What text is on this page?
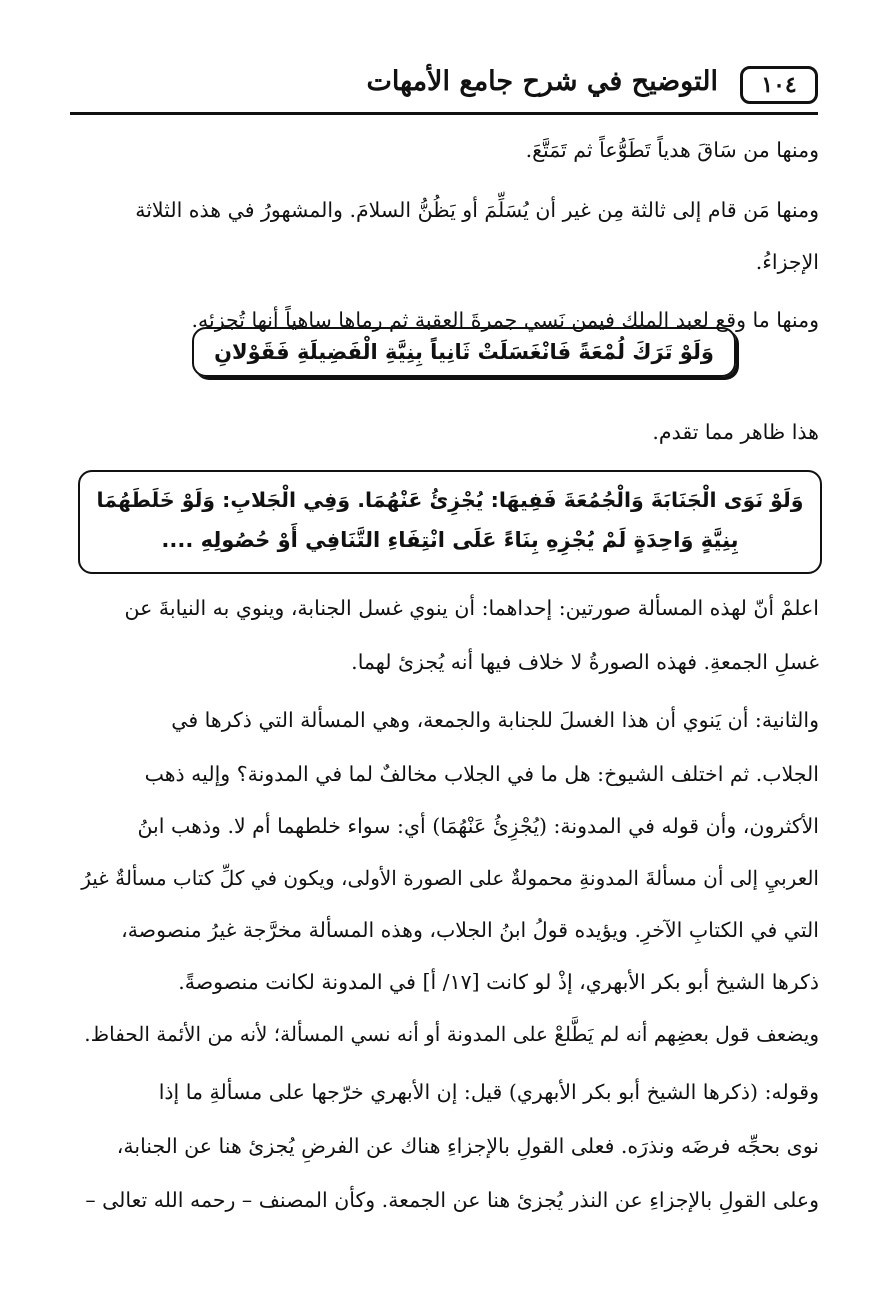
١٠٤
التوضيح في شرح جامع الأمهات
ومنها من سَاقَ هدياً تَطَوُّعاً ثم تَمَتَّعَ.
ومنها مَن قام إلى ثالثة مِن غير أن يُسَلِّمَ أو يَظُنُّ السلامَ. والمشهورُ في هذه الثلاثة
الإجزاءُ.
ومنها ما وقع لعبد الملك فيمن نَسي جمرةَ العقبة ثم رماها ساهياً أنها تُجزئه.
وَلَوْ تَرَكَ لُمْعَةً فَانْغَسَلَتْ ثَانِياً بِنِيَّةِ الْفَضِيلَةِ فَقَوْلانِ
هذا ظاهر مما تقدم.
وَلَوْ نَوَى الْجَنَابَةَ وَالْجُمُعَةَ فَفِيهَا: يُجْزِئُ عَنْهُمَا. وَفِي الْجَلابِ: وَلَوْ خَلَطَهُمَا
بِنِيَّةٍ وَاحِدَةٍ لَمْ يُجْزِهِ بِنَاءً عَلَى انْتِفَاءِ التَّنَافِي أَوْ حُصُولِهِ ....
اعلمْ أنّ لهذه المسألة صورتين: إحداهما: أن ينوي غسل الجنابة، وينوي به النيابةَ عن
غسلِ الجمعةِ. فهذه الصورةُ لا خلاف فيها أنه يُجزئ لهما.
والثانية: أن يَنوي أن هذا الغسلَ للجنابة والجمعة، وهي المسألة التي ذكرها في
الجلاب. ثم اختلف الشيوخ: هل ما في الجلاب مخالفٌ لما في المدونة؟ وإليه ذهب
الأكثرون، وأن قوله في المدونة: (يُجْزِئُ عَنْهُمَا) أي: سواء خلطهما أم لا. وذهب ابنُ
العربيِ إلى أن مسألةَ المدونةِ محمولةٌ على الصورة الأولى، ويكون في كلِّ كتاب مسألةٌ غيرُ
التي في الكتابِ الآخرِ. ويؤيده قولُ ابنُ الجلاب، وهذه المسألة مخرَّجة غيرُ منصوصة،
ذكرها الشيخ أبو بكر الأبهري، إذْ لو كانت [١٧/ أ] في المدونة لكانت منصوصةً.
ويضعف قول بعضِهم أنه لم يَطَّلعْ على المدونة أو أنه نسي المسألة؛ لأنه من الأئمة الحفاظ.
وقوله: (ذكرها الشيخ أبو بكر الأبهري) قيل: إن الأبهري خرّجها على مسألةِ ما إذا
نوى بحجِّه فرضَه ونذرَه. فعلى القولِ بالإجزاءِ هناك عن الفرضِ يُجزئ هنا عن الجنابة،
وعلى القولِ بالإجزاءِ عن النذر يُجزئ هنا عن الجمعة. وكأن المصنف – رحمه الله تعالى –
